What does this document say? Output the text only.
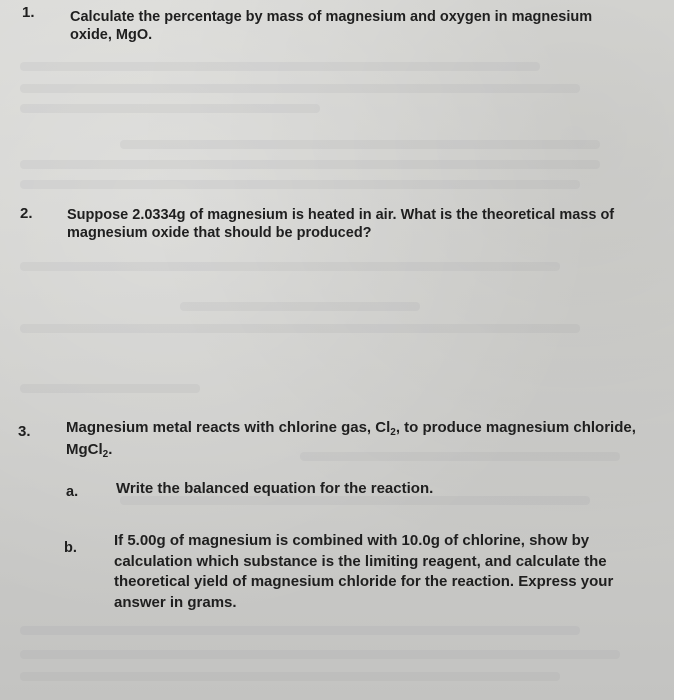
1. Calculate the percentage by mass of magnesium and oxygen in magnesium
oxide, MgO.
2. Suppose 2.0334g of magnesium is heated in air. What is the theoretical mass of
magnesium oxide that should be produced?
3. Magnesium metal reacts with chlorine gas, $Cl_2$, to produce magnesium chloride,
MgCl$_2$.
a.	Write the balanced equation for the reaction.
b. If 5.00g of magnesium is combined with 10.0g of chlorine, show by
calculation which substance is the limiting reagent, and calculate the
theoretical yield of magnesium chloride for the reaction. Express your
answer in grams.
